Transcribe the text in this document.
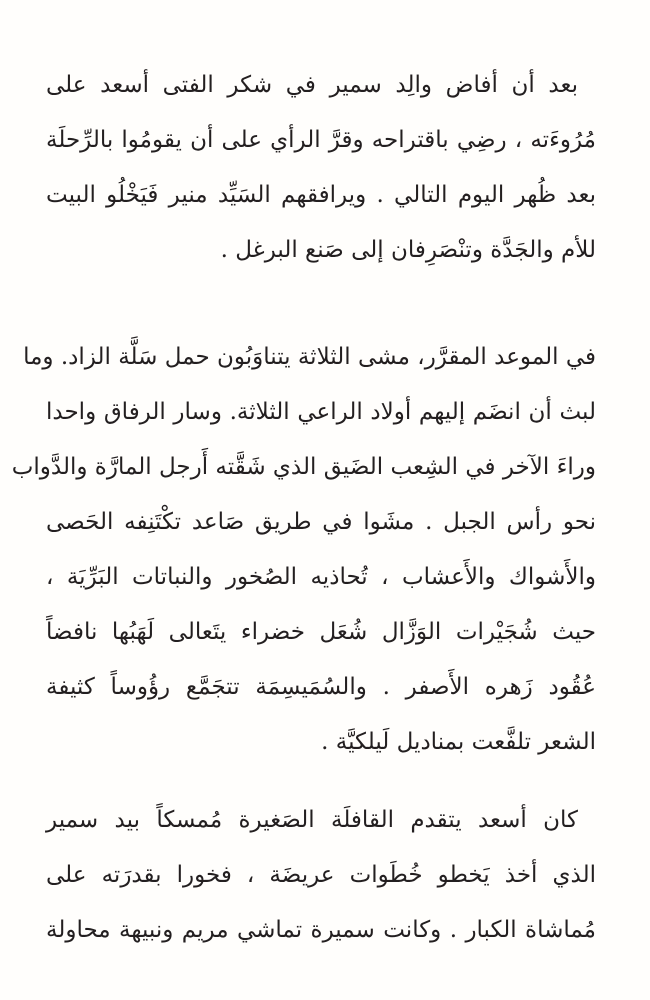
بعد أن أفاض والِد سمير في شكر الفتى أسعد على
مُرُوءَته ، رضِي باقتراحه وقرَّ الرأي على أن يقومُوا بالرِّحلَة
بعد ظُهر اليوم التالي . ويرافقهم السَيِّد منير فَيَخْلُو البيت
للأم والجَدَّة وتنْصَرِفان إلى صَنع البرغل .
في الموعد المقرَّر، مشى الثلاثة يتناوَبُون حمل سَلَّة الزاد. وما
لبث أن انضَم إليهم أولاد الراعي الثلاثة. وسار الرفاق واحدا
وراءَ الآخر في الشِعب الضَيق الذي شَقَّته أَرجل المارَّة والدَّواب
نحو رأس الجبل . مشَوا في طريق صَاعد تكْتَنِفه الحَصى
والأَشواك والأَعشاب ، تُحاذيه الصُخور والنباتات البَرِّيَة ،
حيث شُجَيْرات الوَزَّال شُعَل خضراء يتَعالى لَهَبُها نافضاً
عُقُود زَهره الأَصفر . والسُمَيسِمَة تتجَمَّع رؤُوساً كثيفة
الشعر تلفَّعت بمناديل لَيلكيَّة .
كان أسعد يتقدم القافلَة الصَغيرة مُمسكاً بيد سمير
الذي أخذ يَخطو خُطَوات عريضَة ، فخورا بقدرَته على
مُماشاة الكبار . وكانت سميرة تماشي مريم ونبيهة محاولة
